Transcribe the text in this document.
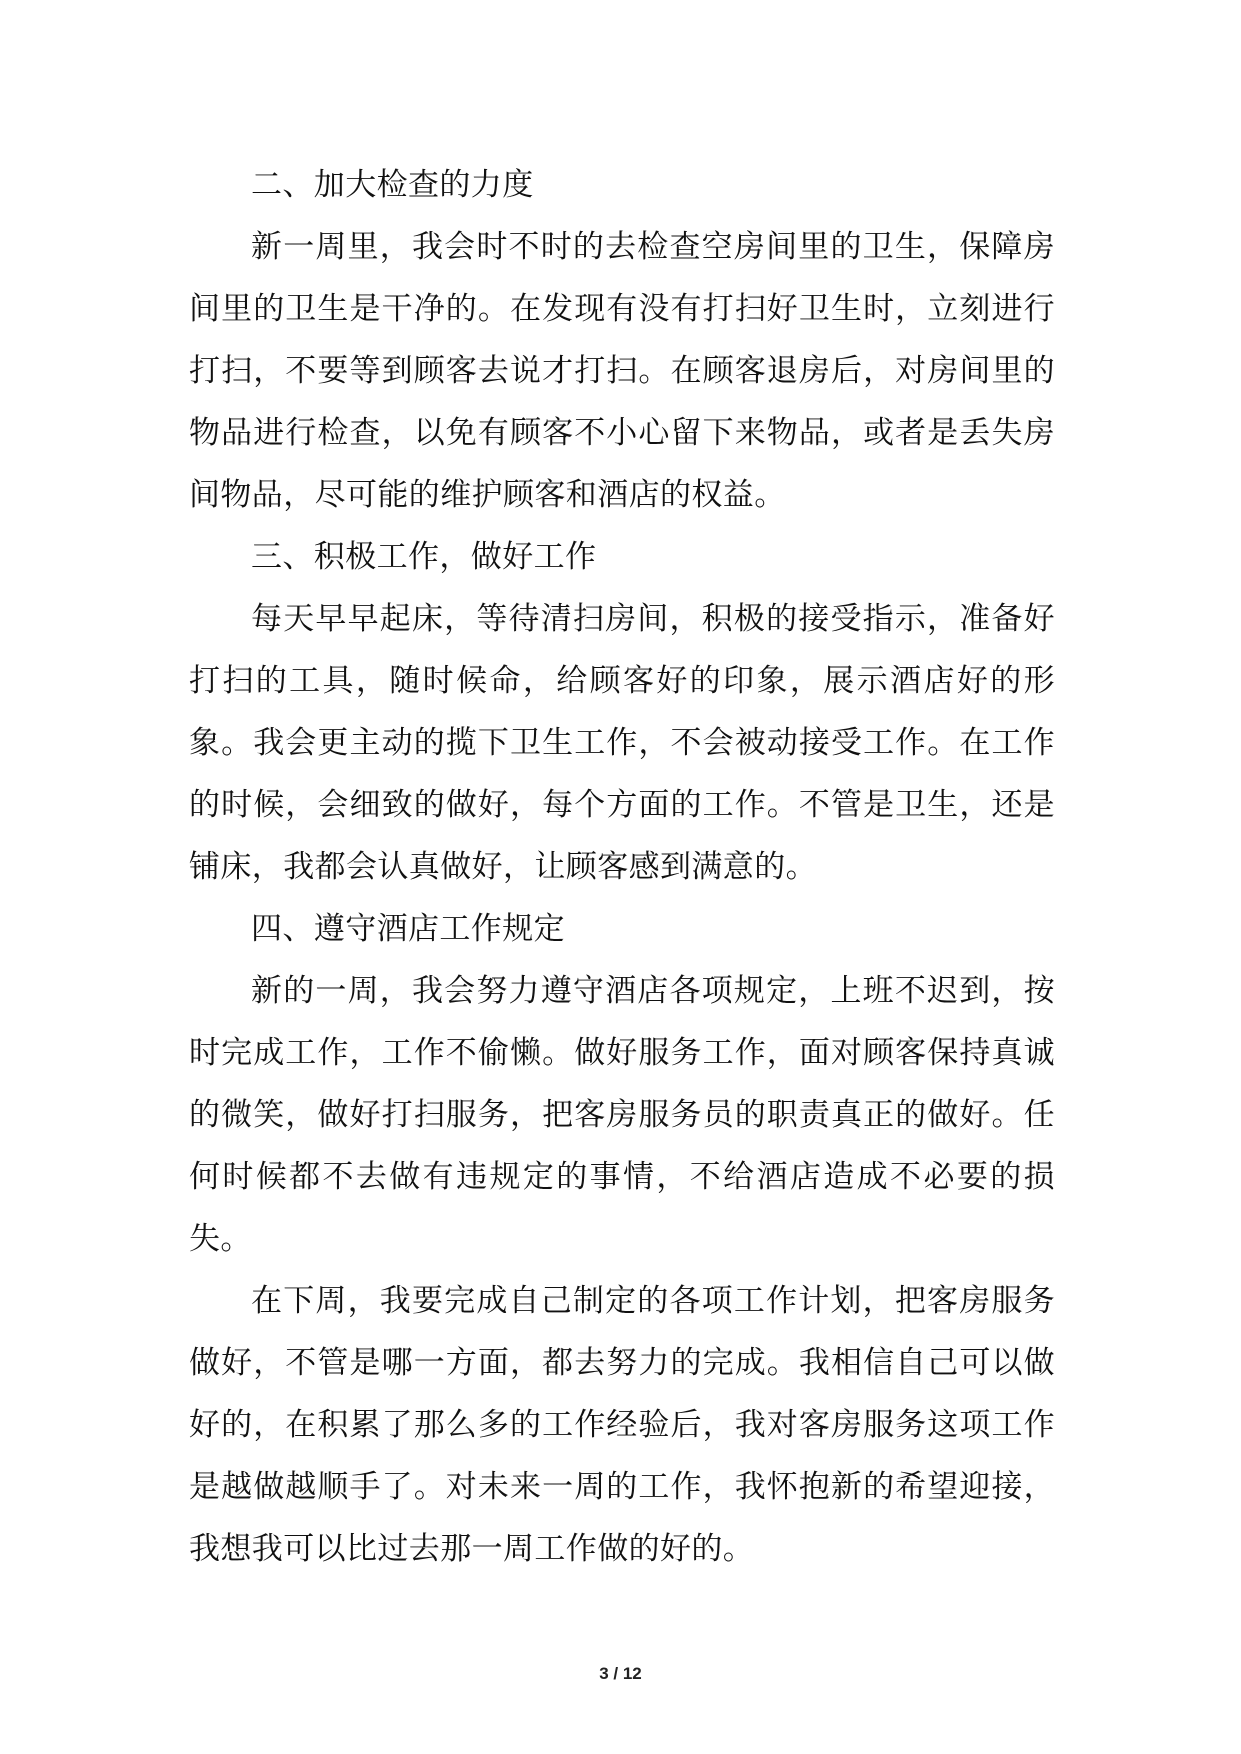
二、加大检查的力度

新一周里，我会时不时的去检查空房间里的卫生，保障房间里的卫生是干净的。在发现有没有打扫好卫生时，立刻进行打扫，不要等到顾客去说才打扫。在顾客退房后，对房间里的物品进行检查，以免有顾客不小心留下来物品，或者是丢失房间物品，尽可能的维护顾客和酒店的权益。

三、积极工作，做好工作

每天早早起床，等待清扫房间，积极的接受指示，准备好打扫的工具，随时候命，给顾客好的印象，展示酒店好的形象。我会更主动的揽下卫生工作，不会被动接受工作。在工作的时候，会细致的做好，每个方面的工作。不管是卫生，还是铺床，我都会认真做好，让顾客感到满意的。

四、遵守酒店工作规定

新的一周，我会努力遵守酒店各项规定，上班不迟到，按时完成工作，工作不偷懒。做好服务工作，面对顾客保持真诚的微笑，做好打扫服务，把客房服务员的职责真正的做好。任何时候都不去做有违规定的事情，不给酒店造成不必要的损失。

在下周，我要完成自己制定的各项工作计划，把客房服务做好，不管是哪一方面，都去努力的完成。我相信自己可以做好的，在积累了那么多的工作经验后，我对客房服务这项工作是越做越顺手了。对未来一周的工作，我怀抱新的希望迎接，我想我可以比过去那一周工作做的好的。

3 / 12
